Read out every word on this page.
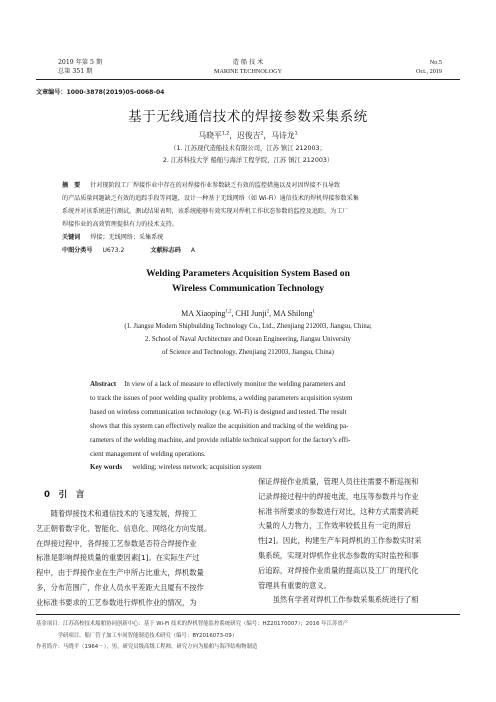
2019 年第 5 期
总第 351 期
造 船 技 术
MARINE TECHNOLOGY
No.5
Oct., 2019
文章编号：1000-3878(2019)05-0068-04
基于无线通信技术的焊接参数采集系统
马晓平$^{1,2}$，迟俊吉$^2$，马诗龙$^1$
（1. 江苏现代造船技术有限公司，江苏 镇江 212003；
2. 江苏科技大学 船舶与海洋工程学院，江苏 镇江 212003）
摘　要 针对现阶段工厂焊接作业中存在的对焊接作业参数缺乏有效的监控措施以及对因焊接不良导致
的产品质量问题缺乏有效的追踪手段等问题，设计一种基于无线网络（如 Wi-Fi）通信技术的焊机焊接参数采集
系统并对该系统进行测试。测试结果表明，该系统能够有效实现对焊机工作状态参数的监控及追踪，为工厂
焊接作业的高效管理提供有力的技术支持。
关键词 焊接；无线网络；采集系统
中图分类号 U673.2	文献标志码 A
Welding Parameters Acquisition System Based on
Wireless Communication Technology
MA Xiaoping$^{1,2}$, CHI Junji$^2$, MA Shilong$^1$
(1. Jiangsu Modern Shipbuilding Technology Co., Ltd., Zhenjiang 212003, Jiangsu, China;
2. School of Naval Architecture and Ocean Engineering, Jiangsu University
of Science and Technology, Zhenjiang 212003, Jiangsu, China)
Abstract In view of a lack of measure to effectively monitor the welding parameters and
to track the issues of poor welding quality problems, a welding parameters acquisition system
based on wireless communication technology (e.g. Wi-Fi) is designed and tested. The result
shows that this system can effectively realize the acquisition and tracking of the welding pa-
rameters of the welding machine, and provide reliable technical support for the factory's effi-
cient management of welding operations.
Key words welding; wireless network; acquisition system
0　引　言
　　随着焊接技术和通信技术的飞速发展，焊接工
艺正朝着数字化、智能化、信息化、网络化方向发展。
在焊接过程中，各焊接工艺参数是否符合焊接作业
标准是影响焊接质量的重要因素[1]。在实际生产过
程中，由于焊接作业在生产中所占比重大，焊机数量
多，分布范围广，作业人员水平差距大且厦有不按作
业标准书要求的工艺参数进行焊机作业的情况，为
保证焊接作业质量，管理人员往往需要不断巡视和
记录焊接过程中的焊接电流、电压等参数并与作业
标准书所要求的参数进行对比，这种方式需要消耗
大量的人力物力，工作效率较低且有一定的滞后
性[2]。因此，构建生产车间焊机的工作参数实时采
集系统，实现对焊机作业状态参数的实时监控和事
后追踪，对焊接作业质量的提高以及工厂的现代化
管理具有重要的意义。
　　虽然有学者对焊机工作参数采集系统进行了相
基金项目：江苏高校技术船舶协同创新中心：基于 Wi-Fi 技术的焊机智能监控系统研究（编号：HZ20170007）；2016 年江苏省产
　　　　学研项目，船厂管子加工车间智能制造技术研究（编号：BY2016073-09）
作者简介：马晓平（1964－），男，研究员级高级工程师，研究方向为船舶与海洋结构物制造
